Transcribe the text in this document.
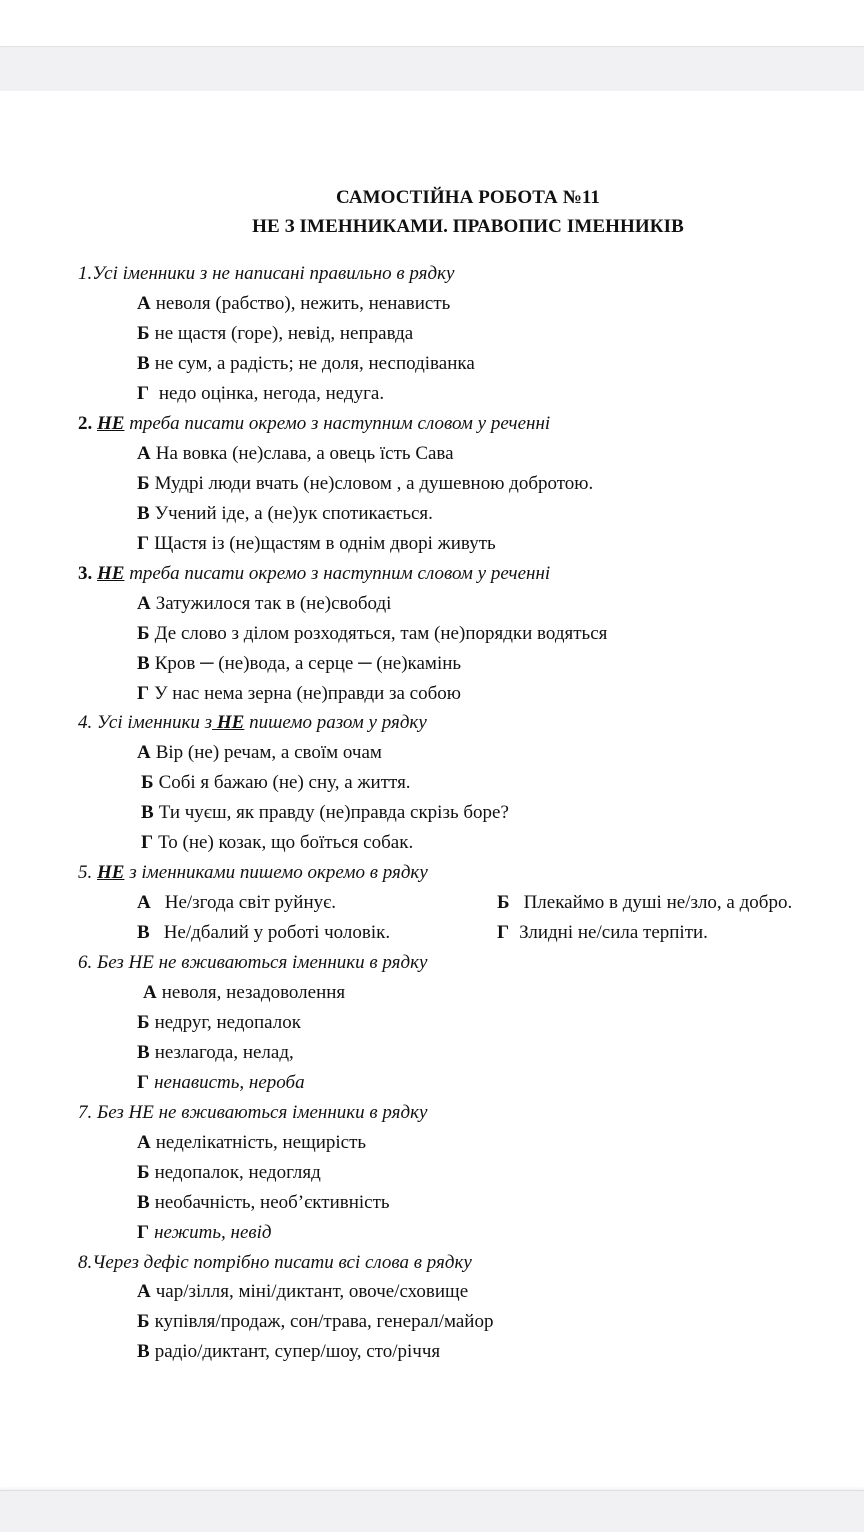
САМОСТІЙНА РОБОТА №11
НЕ З ІМЕННИКАМИ. ПРАВОПИС ІМЕННИКІВ
1.Усі іменники з не написані правильно в рядку
А неволя (рабство), нежить, ненависть
Б не щастя (горе), невід, неправда
В не сум, а радість; не доля, несподіванка
Г недо оцінка, негода, недуга.
2. НЕ треба писати окремо з наступним словом у реченні
А На вовка (не)слава, а овець їсть Сава
Б Мудрі люди вчать (не)словом , а душевною добротою.
В Учений іде, а (не)ук спотикається.
Г Щастя із (не)щастям в однім дворі живуть
3. НЕ треба писати окремо з наступним словом у реченні
А Затужилося так в (не)свободі
Б Де слово з ділом розходяться, там (не)порядки водяться
В Кров ─ (не)вода, а серце ─ (не)камінь
Г У нас нема зерна (не)правди за собою
4. Усі іменники з НЕ пишемо разом у рядку
А Вір (не) речам, а своїм очам
Б Собі я бажаю (не) сну, а життя.
В Ти чуєш, як правду (не)правда скрізь боре?
Г То (не) козак, що боїться собак.
5. НЕ з іменниками пишемо окремо в рядку
А Не/згода світ руйнує.	Б Плекаймо в душі не/зло, а добро.
В Не/дбалий у роботі чоловік.	Г Злидні не/сила терпіти.
6. Без НЕ не вживаються іменники в рядку
А неволя, незадоволення
Б недруг, недопалок
В незлагода, нелад,
Г ненависть, нероба
7. Без НЕ не вживаються іменники в рядку
А неделікатність, нещирість
Б недопалок, недогляд
В необачність, необ’єктивність
Г нежить, невід
8.Через дефіс потрібно писати всі слова в рядку
А чар/зілля, міні/диктант, овоче/сховище
Б купівля/продаж, сон/трава, генерал/майор
В радіо/диктант, супер/шоу, сто/річчя
